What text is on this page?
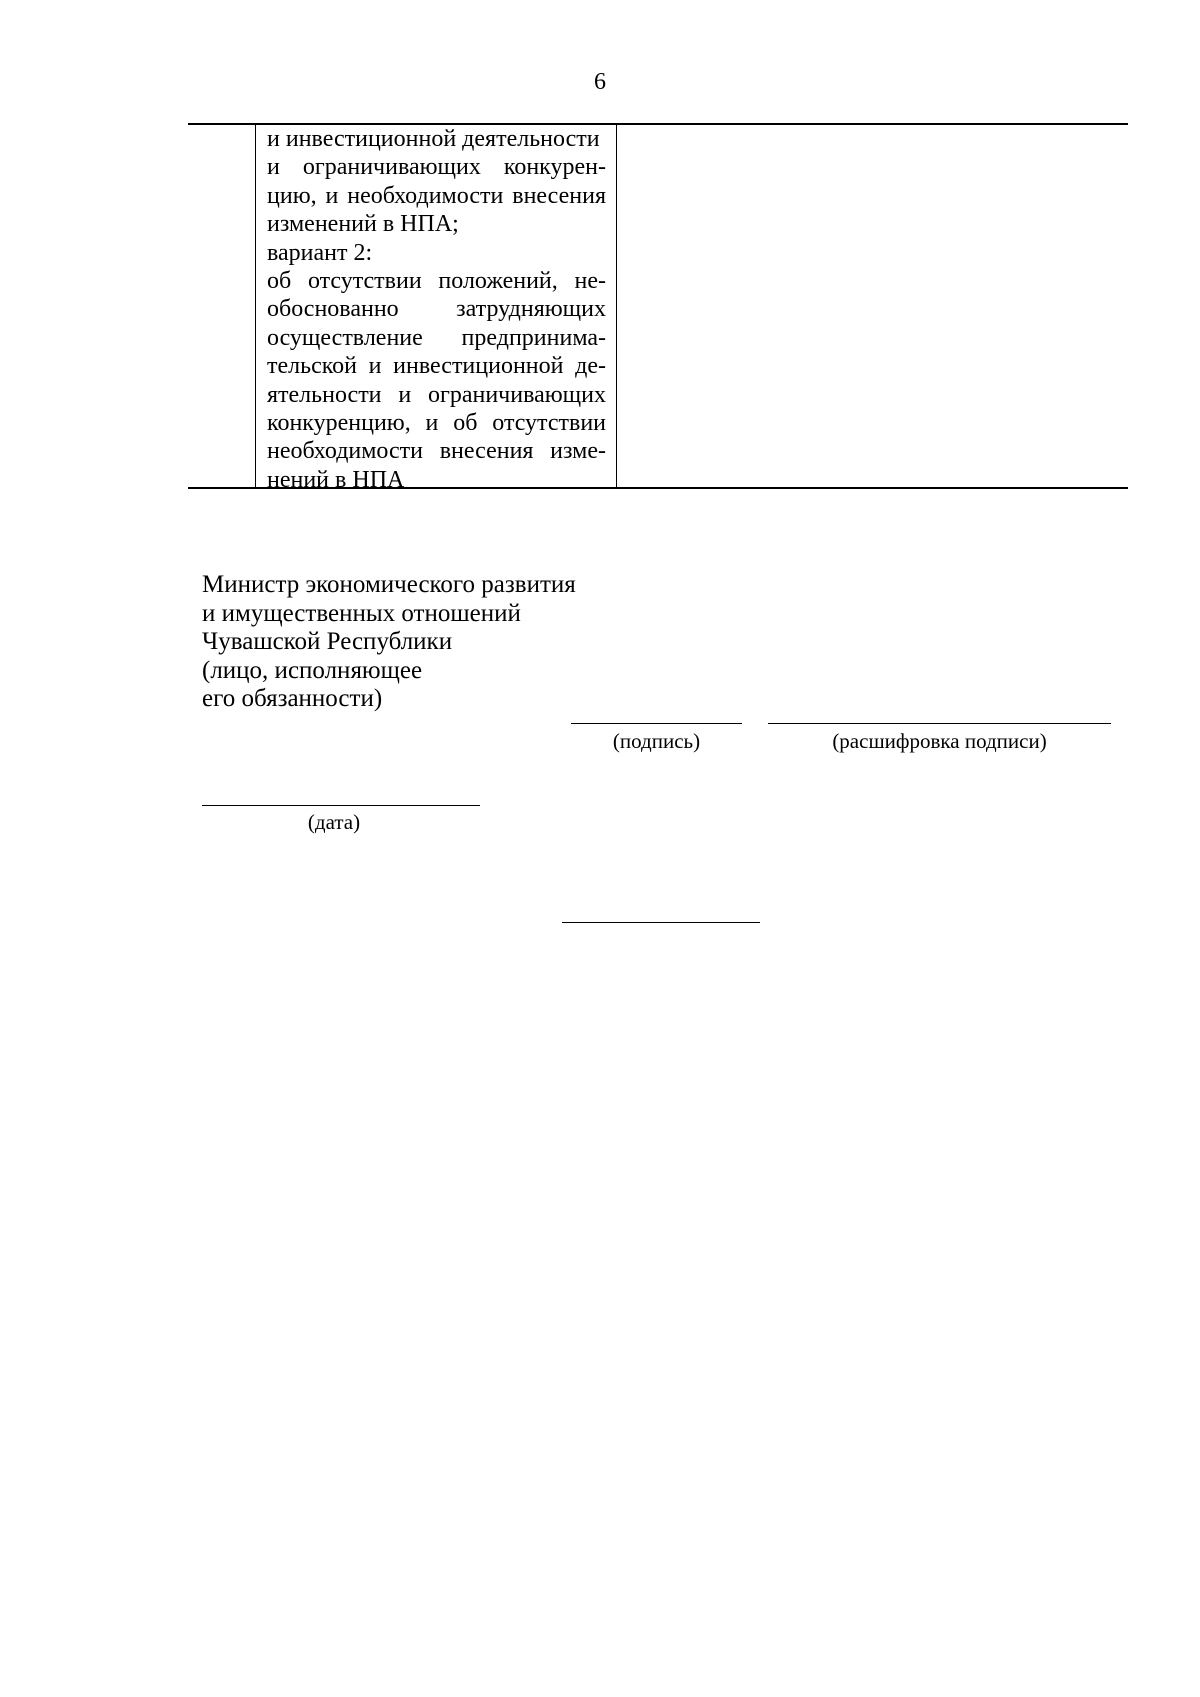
6
и инвестиционной деятельности
и ограничивающих конкурен-
цию, и необходимости внесения
изменений в НПА;
вариант 2:
об отсутствии положений, не-
обоснованно затрудняющих
осуществление предпринима-
тельской и инвестиционной де-
ятельности и ограничивающих
конкуренцию, и об отсутствии
необходимости внесения изме-
нений в НПА
Министр экономического развития
и имущественных отношений
Чувашской Республики
(лицо, исполняющее
его обязанности)
(подпись)	(расшифровка подписи)
(дата)
